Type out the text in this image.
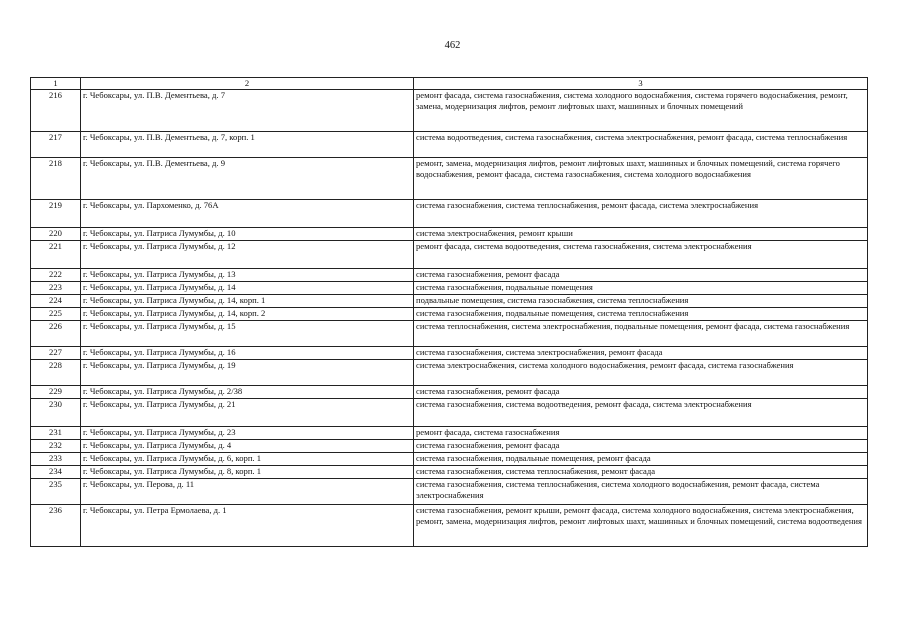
462
1	2	3
216	г. Чебоксары, ул. П.В. Дементьева, д. 7	ремонт фасада, система газоснабжения, система холодного водоснабжения, система горячего водоснабжения, ремонт, замена, модернизация лифтов, ремонт лифтовых шахт, машинных и блочных помещений
217	г. Чебоксары, ул. П.В. Дементьева, д. 7, корп. 1	система водоотведения, система газоснабжения, система электроснабжения, ремонт фасада, система теплоснабжения
218	г. Чебоксары, ул. П.В. Дементьева, д. 9	ремонт, замена, модернизация лифтов, ремонт лифтовых шахт, машинных и блочных помещений, система горячего водоснабжения, ремонт фасада, система газоснабжения, система холодного водоснабжения
219	г. Чебоксары, ул. Пархоменко, д. 76А	система газоснабжения, система теплоснабжения, ремонт фасада, система электроснабжения
220	г. Чебоксары, ул. Патриса Лумумбы, д. 10	система электроснабжения, ремонт крыши
221	г. Чебоксары, ул. Патриса Лумумбы, д. 12	ремонт фасада, система водоотведения, система газоснабжения, система электроснабжения
222	г. Чебоксары, ул. Патриса Лумумбы, д. 13	система газоснабжения, ремонт фасада
223	г. Чебоксары, ул. Патриса Лумумбы, д. 14	система газоснабжения, подвальные помещения
224	г. Чебоксары, ул. Патриса Лумумбы, д. 14, корп. 1	подвальные помещения, система газоснабжения, система теплоснабжения
225	г. Чебоксары, ул. Патриса Лумумбы, д. 14, корп. 2	система газоснабжения, подвальные помещения, система теплоснабжения
226	г. Чебоксары, ул. Патриса Лумумбы, д. 15	система теплоснабжения, система электроснабжения, подвальные помещения, ремонт фасада, система газоснабжения
227	г. Чебоксары, ул. Патриса Лумумбы, д. 16	система газоснабжения, система электроснабжения, ремонт фасада
228	г. Чебоксары, ул. Патриса Лумумбы, д. 19	система электроснабжения, система холодного водоснабжения, ремонт фасада, система газоснабжения
229	г. Чебоксары, ул. Патриса Лумумбы, д. 2/38	система газоснабжения, ремонт фасада
230	г. Чебоксары, ул. Патриса Лумумбы, д. 21	система газоснабжения, система водоотведения, ремонт фасада, система электроснабжения
231	г. Чебоксары, ул. Патриса Лумумбы, д. 23	ремонт фасада, система газоснабжения
232	г. Чебоксары, ул. Патриса Лумумбы, д. 4	система газоснабжения, ремонт фасада
233	г. Чебоксары, ул. Патриса Лумумбы, д. 6, корп. 1	система газоснабжения, подвальные помещения, ремонт фасада
234	г. Чебоксары, ул. Патриса Лумумбы, д. 8, корп. 1	система газоснабжения, система теплоснабжения, ремонт фасада
235	г. Чебоксары, ул. Перова, д. 11	система газоснабжения, система теплоснабжения, система холодного водоснабжения, ремонт фасада, система электроснабжения
236	г. Чебоксары, ул. Петра Ермолаева, д. 1	система газоснабжения, ремонт крыши, ремонт фасада, система холодного водоснабжения, система электроснабжения, ремонт, замена, модернизация лифтов, ремонт лифтовых шахт, машинных и блочных помещений, система водоотведения
